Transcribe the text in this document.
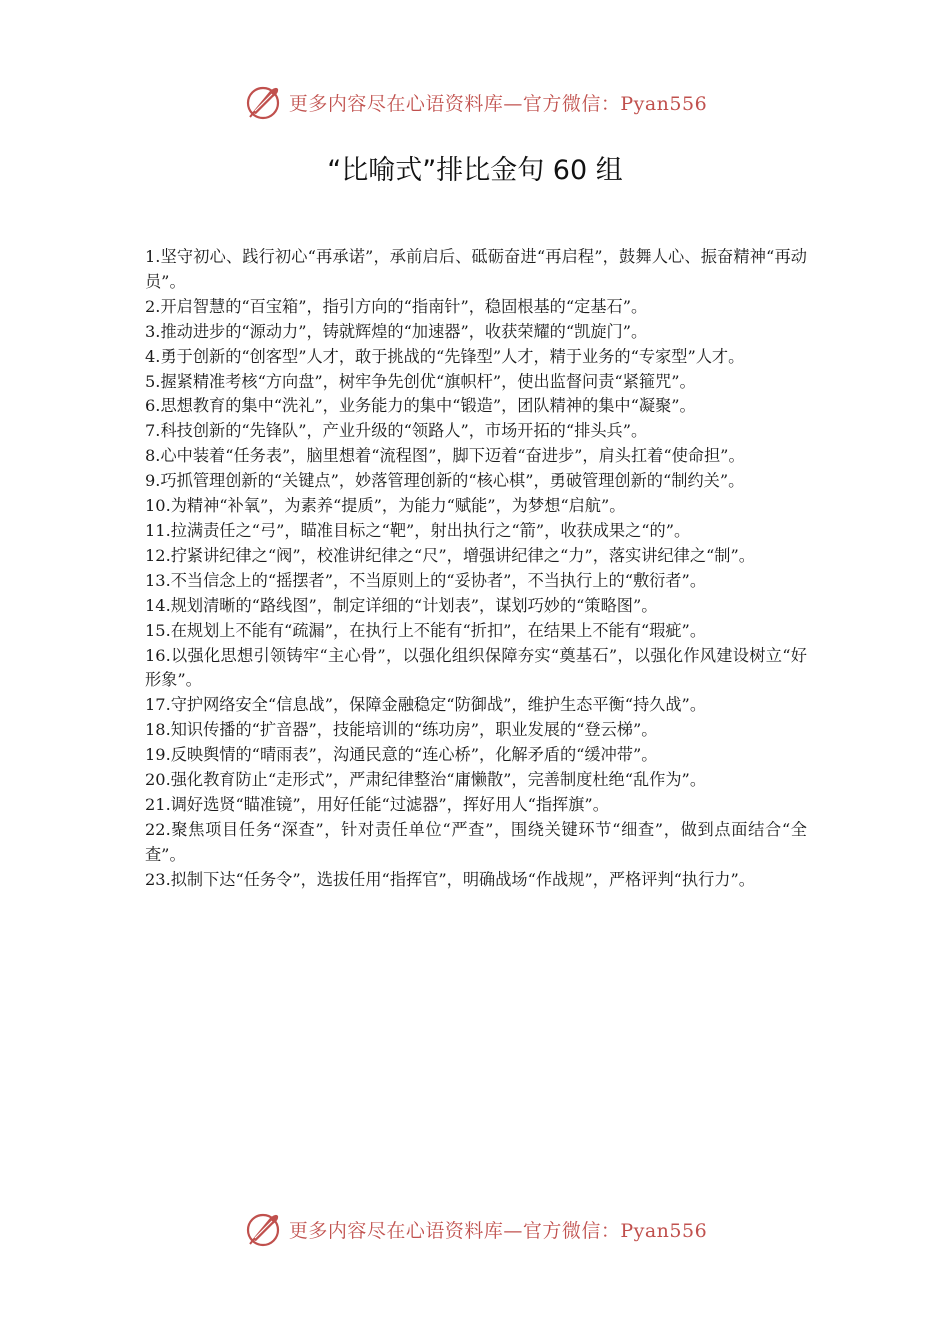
更多内容尽在心语资料库—官方微信：Pyan556
“比喻式”排比金句 60 组

1.坚守初心、践行初心“再承诺”，承前启后、砥砺奋进“再启程”，鼓舞人心、振奋精神“再动员”。

2.开启智慧的“百宝箱”，指引方向的“指南针”，稳固根基的“定基石”。

3.推动进步的“源动力”，铸就辉煌的“加速器”，收获荣耀的“凯旋门”。

4.勇于创新的“创客型”人才，敢于挑战的“先锋型”人才，精于业务的“专家型”人才。

5.握紧精准考核“方向盘”，树牢争先创优“旗帜杆”，使出监督问责“紧箍咒”。

6.思想教育的集中“洗礼”，业务能力的集中“锻造”，团队精神的集中“凝聚”。

7.科技创新的“先锋队”，产业升级的“领路人”，市场开拓的“排头兵”。

8.心中装着“任务表”，脑里想着“流程图”，脚下迈着“奋进步”，肩头扛着“使命担”。

9.巧抓管理创新的“关键点”，妙落管理创新的“核心棋”，勇破管理创新的“制约关”。

10.为精神“补氧”，为素养“提质”，为能力“赋能”，为梦想“启航”。

11.拉满责任之“弓”，瞄准目标之“靶”，射出执行之“箭”，收获成果之“的”。

12.拧紧讲纪律之“阀”，校准讲纪律之“尺”，增强讲纪律之“力”，落实讲纪律之“制”。

13.不当信念上的“摇摆者”，不当原则上的“妥协者”，不当执行上的“敷衍者”。

14.规划清晰的“路线图”，制定详细的“计划表”，谋划巧妙的“策略图”。

15.在规划上不能有“疏漏”，在执行上不能有“折扣”，在结果上不能有“瑕疵”。

16.以强化思想引领铸牢“主心骨”，以强化组织保障夯实“奠基石”，以强化作风建设树立“好形象”。

17.守护网络安全“信息战”，保障金融稳定“防御战”，维护生态平衡“持久战”。

18.知识传播的“扩音器”，技能培训的“练功房”，职业发展的“登云梯”。

19.反映舆情的“晴雨表”，沟通民意的“连心桥”，化解矛盾的“缓冲带”。

20.强化教育防止“走形式”，严肃纪律整治“庸懒散”，完善制度杜绝“乱作为”。

21.调好选贤“瞄准镜”，用好任能“过滤器”，挥好用人“指挥旗”。

22.聚焦项目任务“深查”，针对责任单位“严查”，围绕关键环节“细查”，做到点面结合“全查”。

23.拟制下达“任务令”，选拔任用“指挥官”，明确战场“作战规”，严格评判“执行力”。

更多内容尽在心语资料库—官方微信：Pyan556
